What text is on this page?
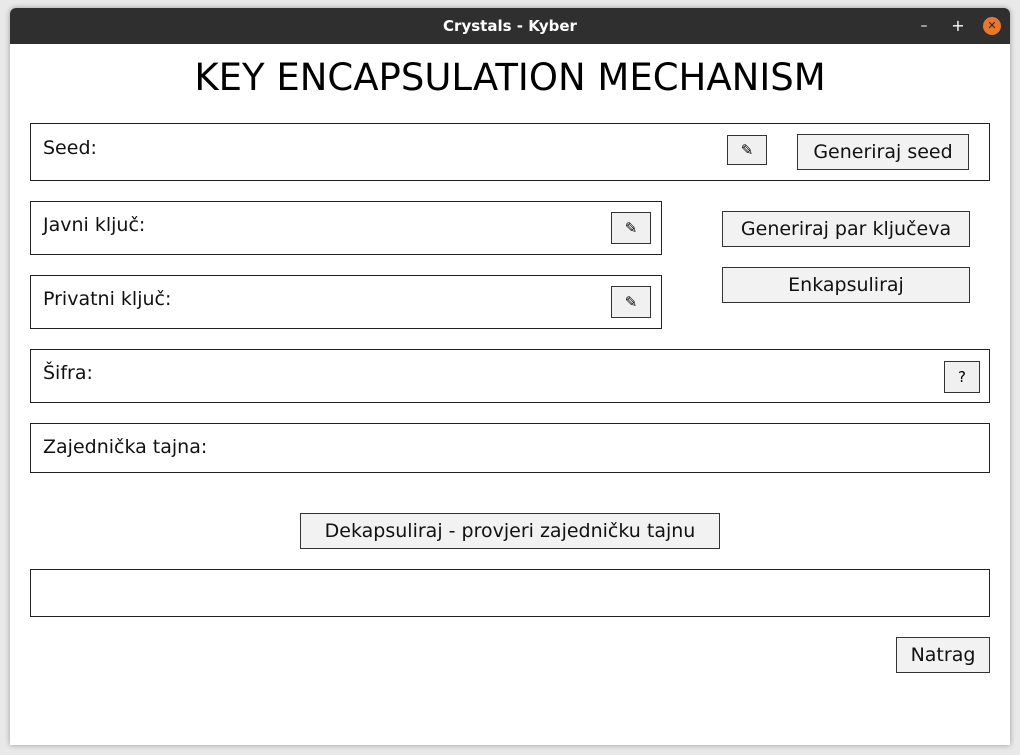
Crystals - Kyber	–	+	✕
KEY ENCAPSULATION MECHANISM
Seed:	✎	Generiraj seed
Javni ključ:	✎
Privatni ključ:	✎
Generiraj par ključeva
Enkapsuliraj
Šifra:	?
Zajednička tajna:
Dekapsuliraj - provjeri zajedničku tajnu
Natrag
